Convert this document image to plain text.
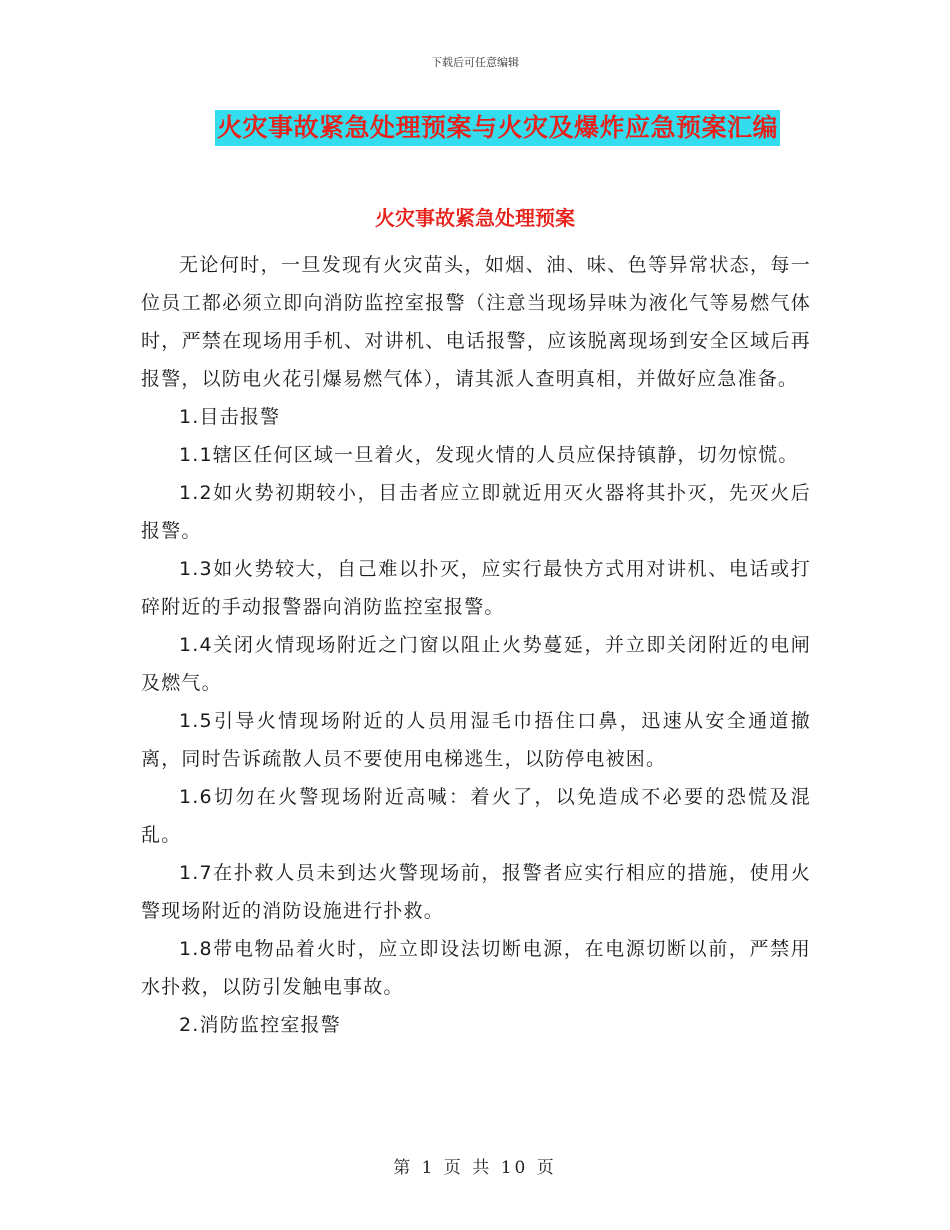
下载后可任意编辑
火灾事故紧急处理预案与火灾及爆炸应急预案汇编
火灾事故紧急处理预案

无论何时，一旦发现有火灾苗头，如烟、油、味、色等异常状态，每一位员工都必须立即向消防监控室报警（注意当现场异味为液化气等易燃气体时，严禁在现场用手机、对讲机、电话报警，应该脱离现场到安全区域后再报警，以防电火花引爆易燃气体），请其派人查明真相，并做好应急准备。

1.目击报警

1.1辖区任何区域一旦着火，发现火情的人员应保持镇静，切勿惊慌。

1.2如火势初期较小，目击者应立即就近用灭火器将其扑灭，先灭火后报警。

1.3如火势较大，自己难以扑灭，应实行最快方式用对讲机、电话或打碎附近的手动报警器向消防监控室报警。

1.4关闭火情现场附近之门窗以阻止火势蔓延，并立即关闭附近的电闸及燃气。

1.5引导火情现场附近的人员用湿毛巾捂住口鼻，迅速从安全通道撤离，同时告诉疏散人员不要使用电梯逃生，以防停电被困。

1.6切勿在火警现场附近高喊：着火了，以免造成不必要的恐慌及混乱。

1.7在扑救人员未到达火警现场前，报警者应实行相应的措施，使用火警现场附近的消防设施进行扑救。

1.8带电物品着火时，应立即设法切断电源，在电源切断以前，严禁用水扑救，以防引发触电事故。

2.消防监控室报警

第 1 页 共 10 页
